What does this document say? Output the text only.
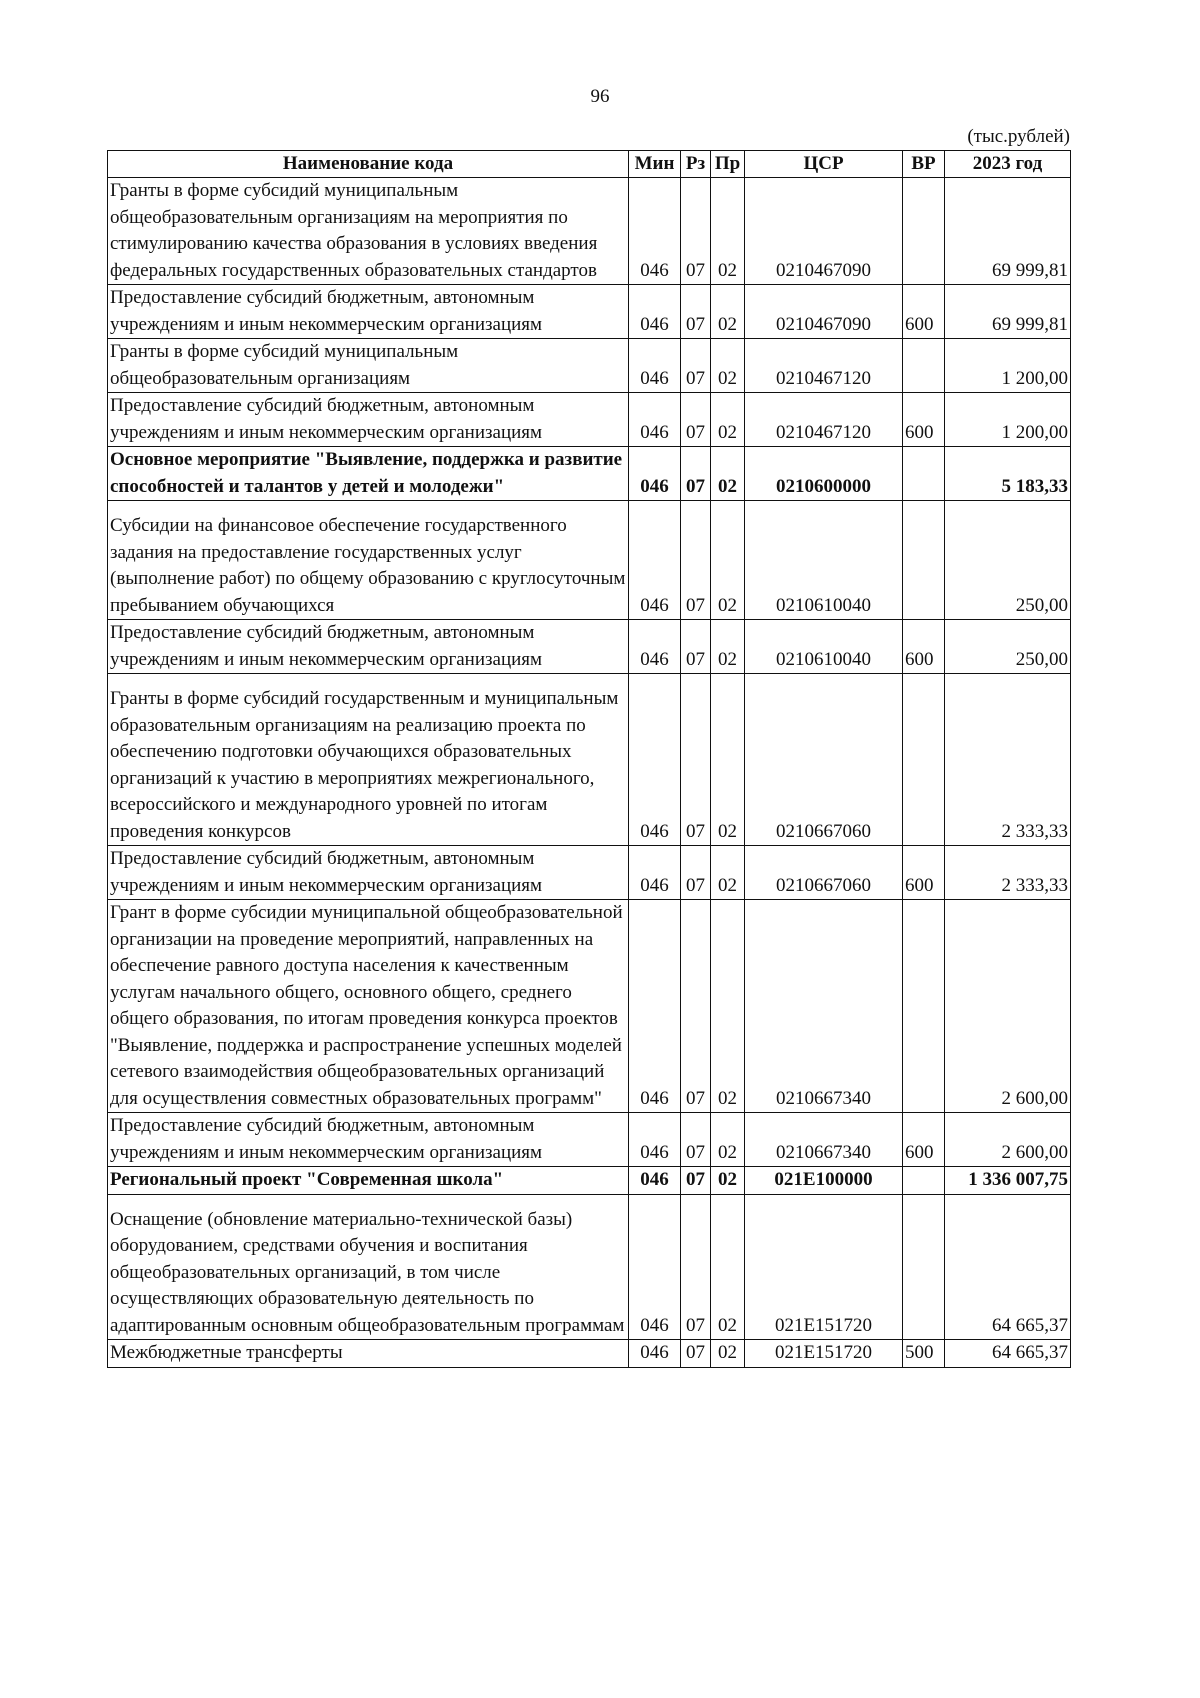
96
(тыс.рублей)
Наименование кода	Мин	Рз	Пр	ЦСР	ВР	2023 год
Гранты в форме субсидий муниципальным общеобразовательным организациям на мероприятия по стимулированию качества образования в условиях введения федеральных государственных образовательных стандартов	046	07	02	0210467090		69 999,81
Предоставление субсидий бюджетным, автономным учреждениям и иным некоммерческим организациям	046	07	02	0210467090	600	69 999,81
Гранты в форме субсидий муниципальным общеобразовательным организациям	046	07	02	0210467120		1 200,00
Предоставление субсидий бюджетным, автономным учреждениям и иным некоммерческим организациям	046	07	02	0210467120	600	1 200,00
Основное мероприятие "Выявление, поддержка и развитие способностей и талантов у детей и молодежи"	046	07	02	0210600000		5 183,33
Субсидии на финансовое обеспечение государственного задания на предоставление государственных услуг (выполнение работ) по общему образованию с круглосуточным пребыванием обучающихся	046	07	02	0210610040		250,00
Предоставление субсидий бюджетным, автономным учреждениям и иным некоммерческим организациям	046	07	02	0210610040	600	250,00
Гранты в форме субсидий государственным и муниципальным образовательным организациям на реализацию проекта по обеспечению подготовки обучающихся образовательных организаций к участию в мероприятиях межрегионального, всероссийского и международного уровней по итогам проведения конкурсов	046	07	02	0210667060		2 333,33
Предоставление субсидий бюджетным, автономным учреждениям и иным некоммерческим организациям	046	07	02	0210667060	600	2 333,33
Грант в форме субсидии муниципальной общеобразовательной организации на проведение мероприятий, направленных на обеспечение равного доступа населения к качественным услугам начального общего, основного общего, среднего общего образования, по итогам проведения конкурса проектов "Выявление, поддержка и распространение успешных моделей сетевого взаимодействия общеобразовательных организаций для осуществления совместных образовательных программ"	046	07	02	0210667340		2 600,00
Предоставление субсидий бюджетным, автономным учреждениям и иным некоммерческим организациям	046	07	02	0210667340	600	2 600,00
Региональный проект "Современная школа"	046	07	02	021E100000		1 336 007,75
Оснащение (обновление материально-технической базы) оборудованием, средствами обучения и воспитания общеобразовательных организаций, в том числе осуществляющих образовательную деятельность по адаптированным основным общеобразовательным программам	046	07	02	021E151720		64 665,37
Межбюджетные трансферты	046	07	02	021E151720	500	64 665,37
